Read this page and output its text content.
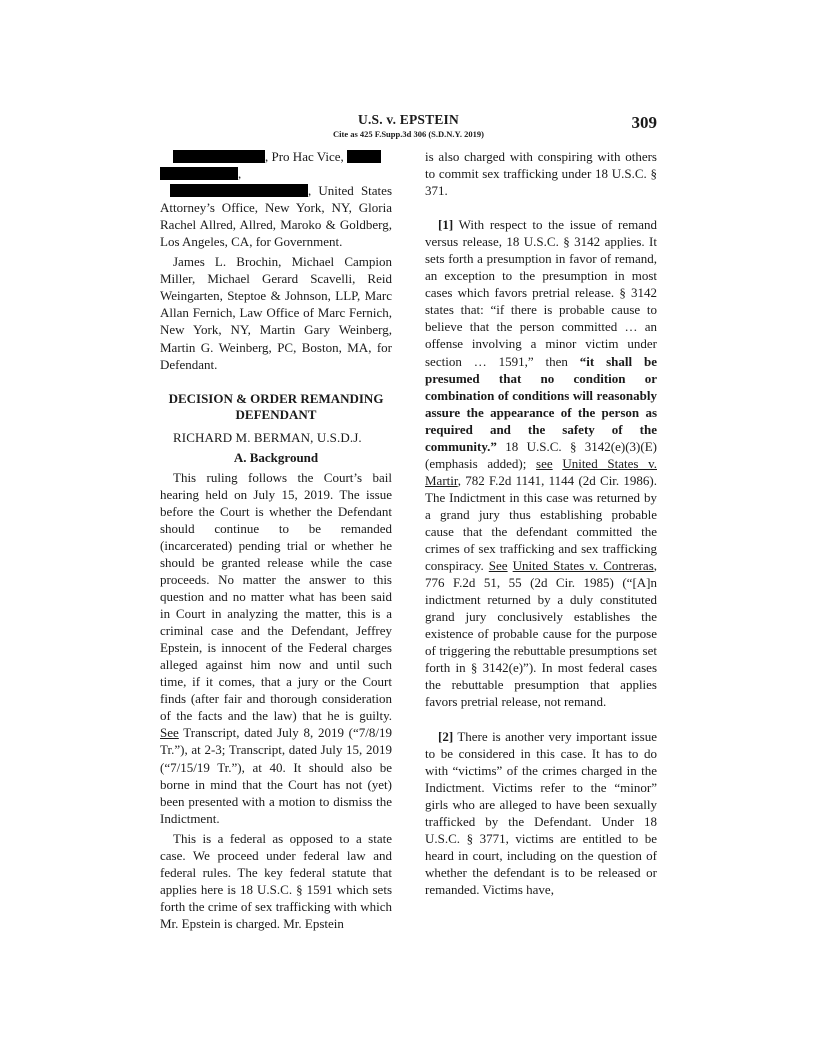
U.S. v. EPSTEIN
Cite as 425 F.Supp.3d 306 (S.D.N.Y. 2019)
309

, Pro Hac Vice,
, , United States Attorney’s Office, New York, NY, Gloria Rachel Allred, Allred, Maroko & Goldberg, Los Angeles, CA, for Government.

James L. Brochin, Michael Campion Miller, Michael Gerard Scavelli, Reid Weingarten, Steptoe & Johnson, LLP, Marc Allan Fernich, Law Office of Marc Fernich, New York, NY, Martin Gary Weinberg, Martin G. Weinberg, PC, Boston, MA, for Defendant.

DECISION & ORDER REMANDING
DEFENDANT

RICHARD M. BERMAN, U.S.D.J.

A. Background

This ruling follows the Court’s bail hearing held on July 15, 2019. The issue before the Court is whether the Defendant should continue to be remanded (incarcerated) pending trial or whether he should be granted release while the case proceeds. No matter the answer to this question and no matter what has been said in Court in analyzing the matter, this is a criminal case and the Defendant, Jeffrey Epstein, is innocent of the Federal charges alleged against him now and until such time, if it comes, that a jury or the Court finds (after fair and thorough consideration of the facts and the law) that he is guilty. See Transcript, dated July 8, 2019 (“7/8/19 Tr.”), at 2-3; Transcript, dated July 15, 2019 (“7/15/19 Tr.”), at 40. It should also be borne in mind that the Court has not (yet) been presented with a motion to dismiss the Indictment.

This is a federal as opposed to a state case. We proceed under federal law and federal rules. The key federal statute that applies here is 18 U.S.C. § 1591 which sets forth the crime of sex trafficking with which Mr. Epstein is charged. Mr. Epstein

is also charged with conspiring with others to commit sex trafficking under 18 U.S.C. § 371.

[1] With respect to the issue of remand versus release, 18 U.S.C. § 3142 applies. It sets forth a presumption in favor of remand, an exception to the presumption in most cases which favors pretrial release. § 3142 states that: “if there is probable cause to believe that the person committed … an offense involving a minor victim under section … 1591,” then “it shall be presumed that no condition or combination of conditions will reasonably assure the appearance of the person as required and the safety of the community.” 18 U.S.C. § 3142(e)(3)(E) (emphasis added); see United States v. Martir, 782 F.2d 1141, 1144 (2d Cir. 1986). The Indictment in this case was returned by a grand jury thus establishing probable cause that the defendant committed the crimes of sex trafficking and sex trafficking conspiracy. See United States v. Contreras, 776 F.2d 51, 55 (2d Cir. 1985) (“[A]n indictment returned by a duly constituted grand jury conclusively establishes the existence of probable cause for the purpose of triggering the rebuttable presumptions set forth in § 3142(e)”). In most federal cases the rebuttable presumption that applies favors pretrial release, not remand.

[2] There is another very important issue to be considered in this case. It has to do with “victims” of the crimes charged in the Indictment. Victims refer to the “minor” girls who are alleged to have been sexually trafficked by the Defendant. Under 18 U.S.C. § 3771, victims are entitled to be heard in court, including on the question of whether the defendant is to be released or remanded. Victims have,
